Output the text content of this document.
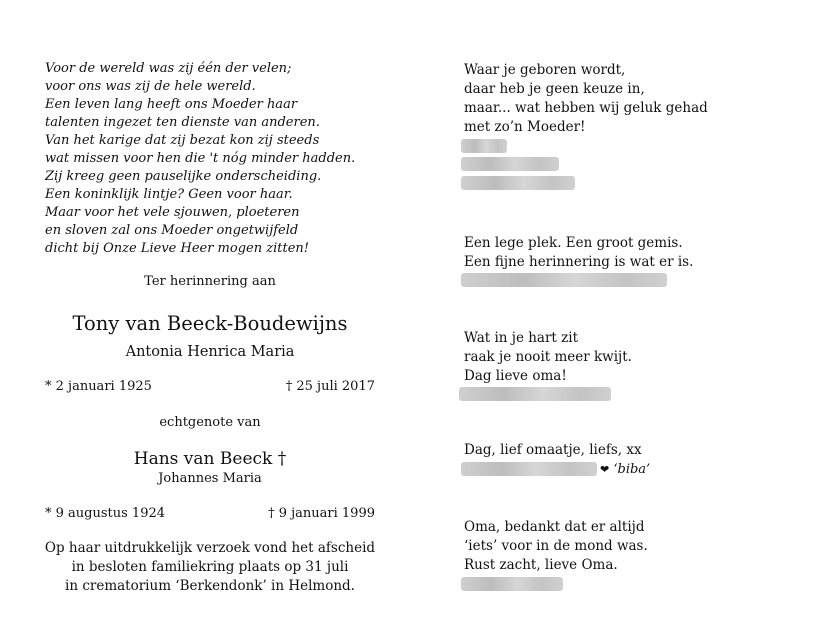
Voor de wereld was zij één der velen;
voor ons was zij de hele wereld.
Een leven lang heeft ons Moeder haar
talenten ingezet ten dienste van anderen.
Van het karige dat zij bezat kon zij steeds
wat missen voor hen die 't nóg minder hadden.
Zij kreeg geen pauselijke onderscheiding.
Een koninklijk lintje? Geen voor haar.
Maar voor het vele sjouwen, ploeteren
en sloven zal ons Moeder ongetwijfeld
dicht bij Onze Lieve Heer mogen zitten!

Ter herinnering aan
Tony van Beeck-Boudewijns
Antonia Henrica Maria
* 2 januari 1925	† 25 juli 2017
echtgenote van
Hans van Beeck †
Johannes Maria
* 9 augustus 1924	† 9 januari 1999

Op haar uitdrukkelijk verzoek vond het afscheid
in besloten familiekring plaats op 31 juli
in crematorium ‘Berkendonk’ in Helmond.

Waar je geboren wordt,
daar heb je geen keuze in,
maar... wat hebben wij geluk gehad
met zo’n Moeder!

Een lege plek. Een groot gemis.
Een fijne herinnering is wat er is.

Wat in je hart zit
raak je nooit meer kwijt.
Dag lieve oma!

Dag, lief omaatje, liefs, xx

❤ ‘biba’

Oma, bedankt dat er altijd
‘iets’ voor in de mond was.
Rust zacht, lieve Oma.
